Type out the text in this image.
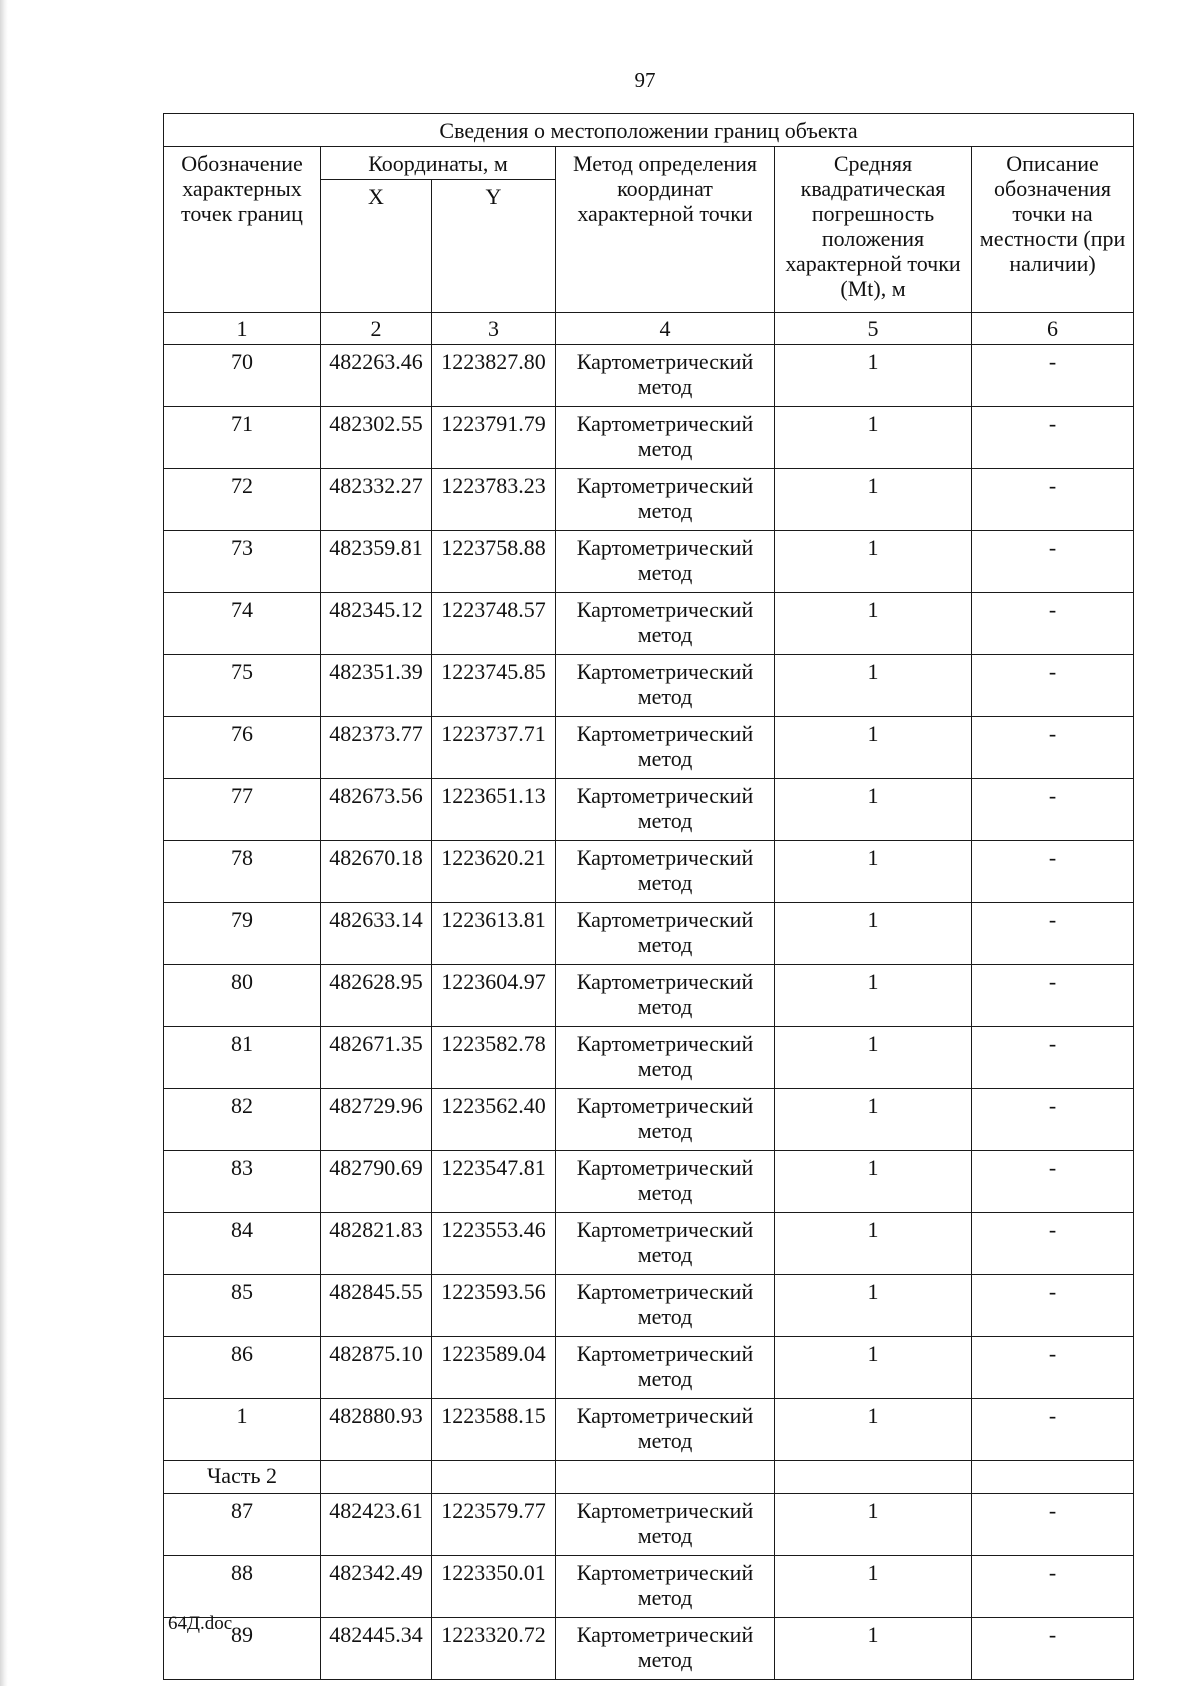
97
Сведения о местоположении границ объекта					
Обозначение характерных точек границ	Координаты, м		Метод определения координат характерной точки	Средняя квадратическая погрешность положения характерной точки (Mt), м	Описание обозначения точки на местности (при наличии)
	X	Y			
1	2	3	4	5	6
70	482263.46	1223827.80	Картометрический
метод	1	-
71	482302.55	1223791.79	Картометрический
метод	1	-
72	482332.27	1223783.23	Картометрический
метод	1	-
73	482359.81	1223758.88	Картометрический
метод	1	-
74	482345.12	1223748.57	Картометрический
метод	1	-
75	482351.39	1223745.85	Картометрический
метод	1	-
76	482373.77	1223737.71	Картометрический
метод	1	-
77	482673.56	1223651.13	Картометрический
метод	1	-
78	482670.18	1223620.21	Картометрический
метод	1	-
79	482633.14	1223613.81	Картометрический
метод	1	-
80	482628.95	1223604.97	Картометрический
метод	1	-
81	482671.35	1223582.78	Картометрический
метод	1	-
82	482729.96	1223562.40	Картометрический
метод	1	-
83	482790.69	1223547.81	Картометрический
метод	1	-
84	482821.83	1223553.46	Картометрический
метод	1	-
85	482845.55	1223593.56	Картометрический
метод	1	-
86	482875.10	1223589.04	Картометрический
метод	1	-
1	482880.93	1223588.15	Картометрический
метод	1	-
Часть 2					
87	482423.61	1223579.77	Картометрический
метод	1	-
88	482342.49	1223350.01	Картометрический
метод	1	-
89	482445.34	1223320.72	Картометрический
метод	1	-
64Д.doc
